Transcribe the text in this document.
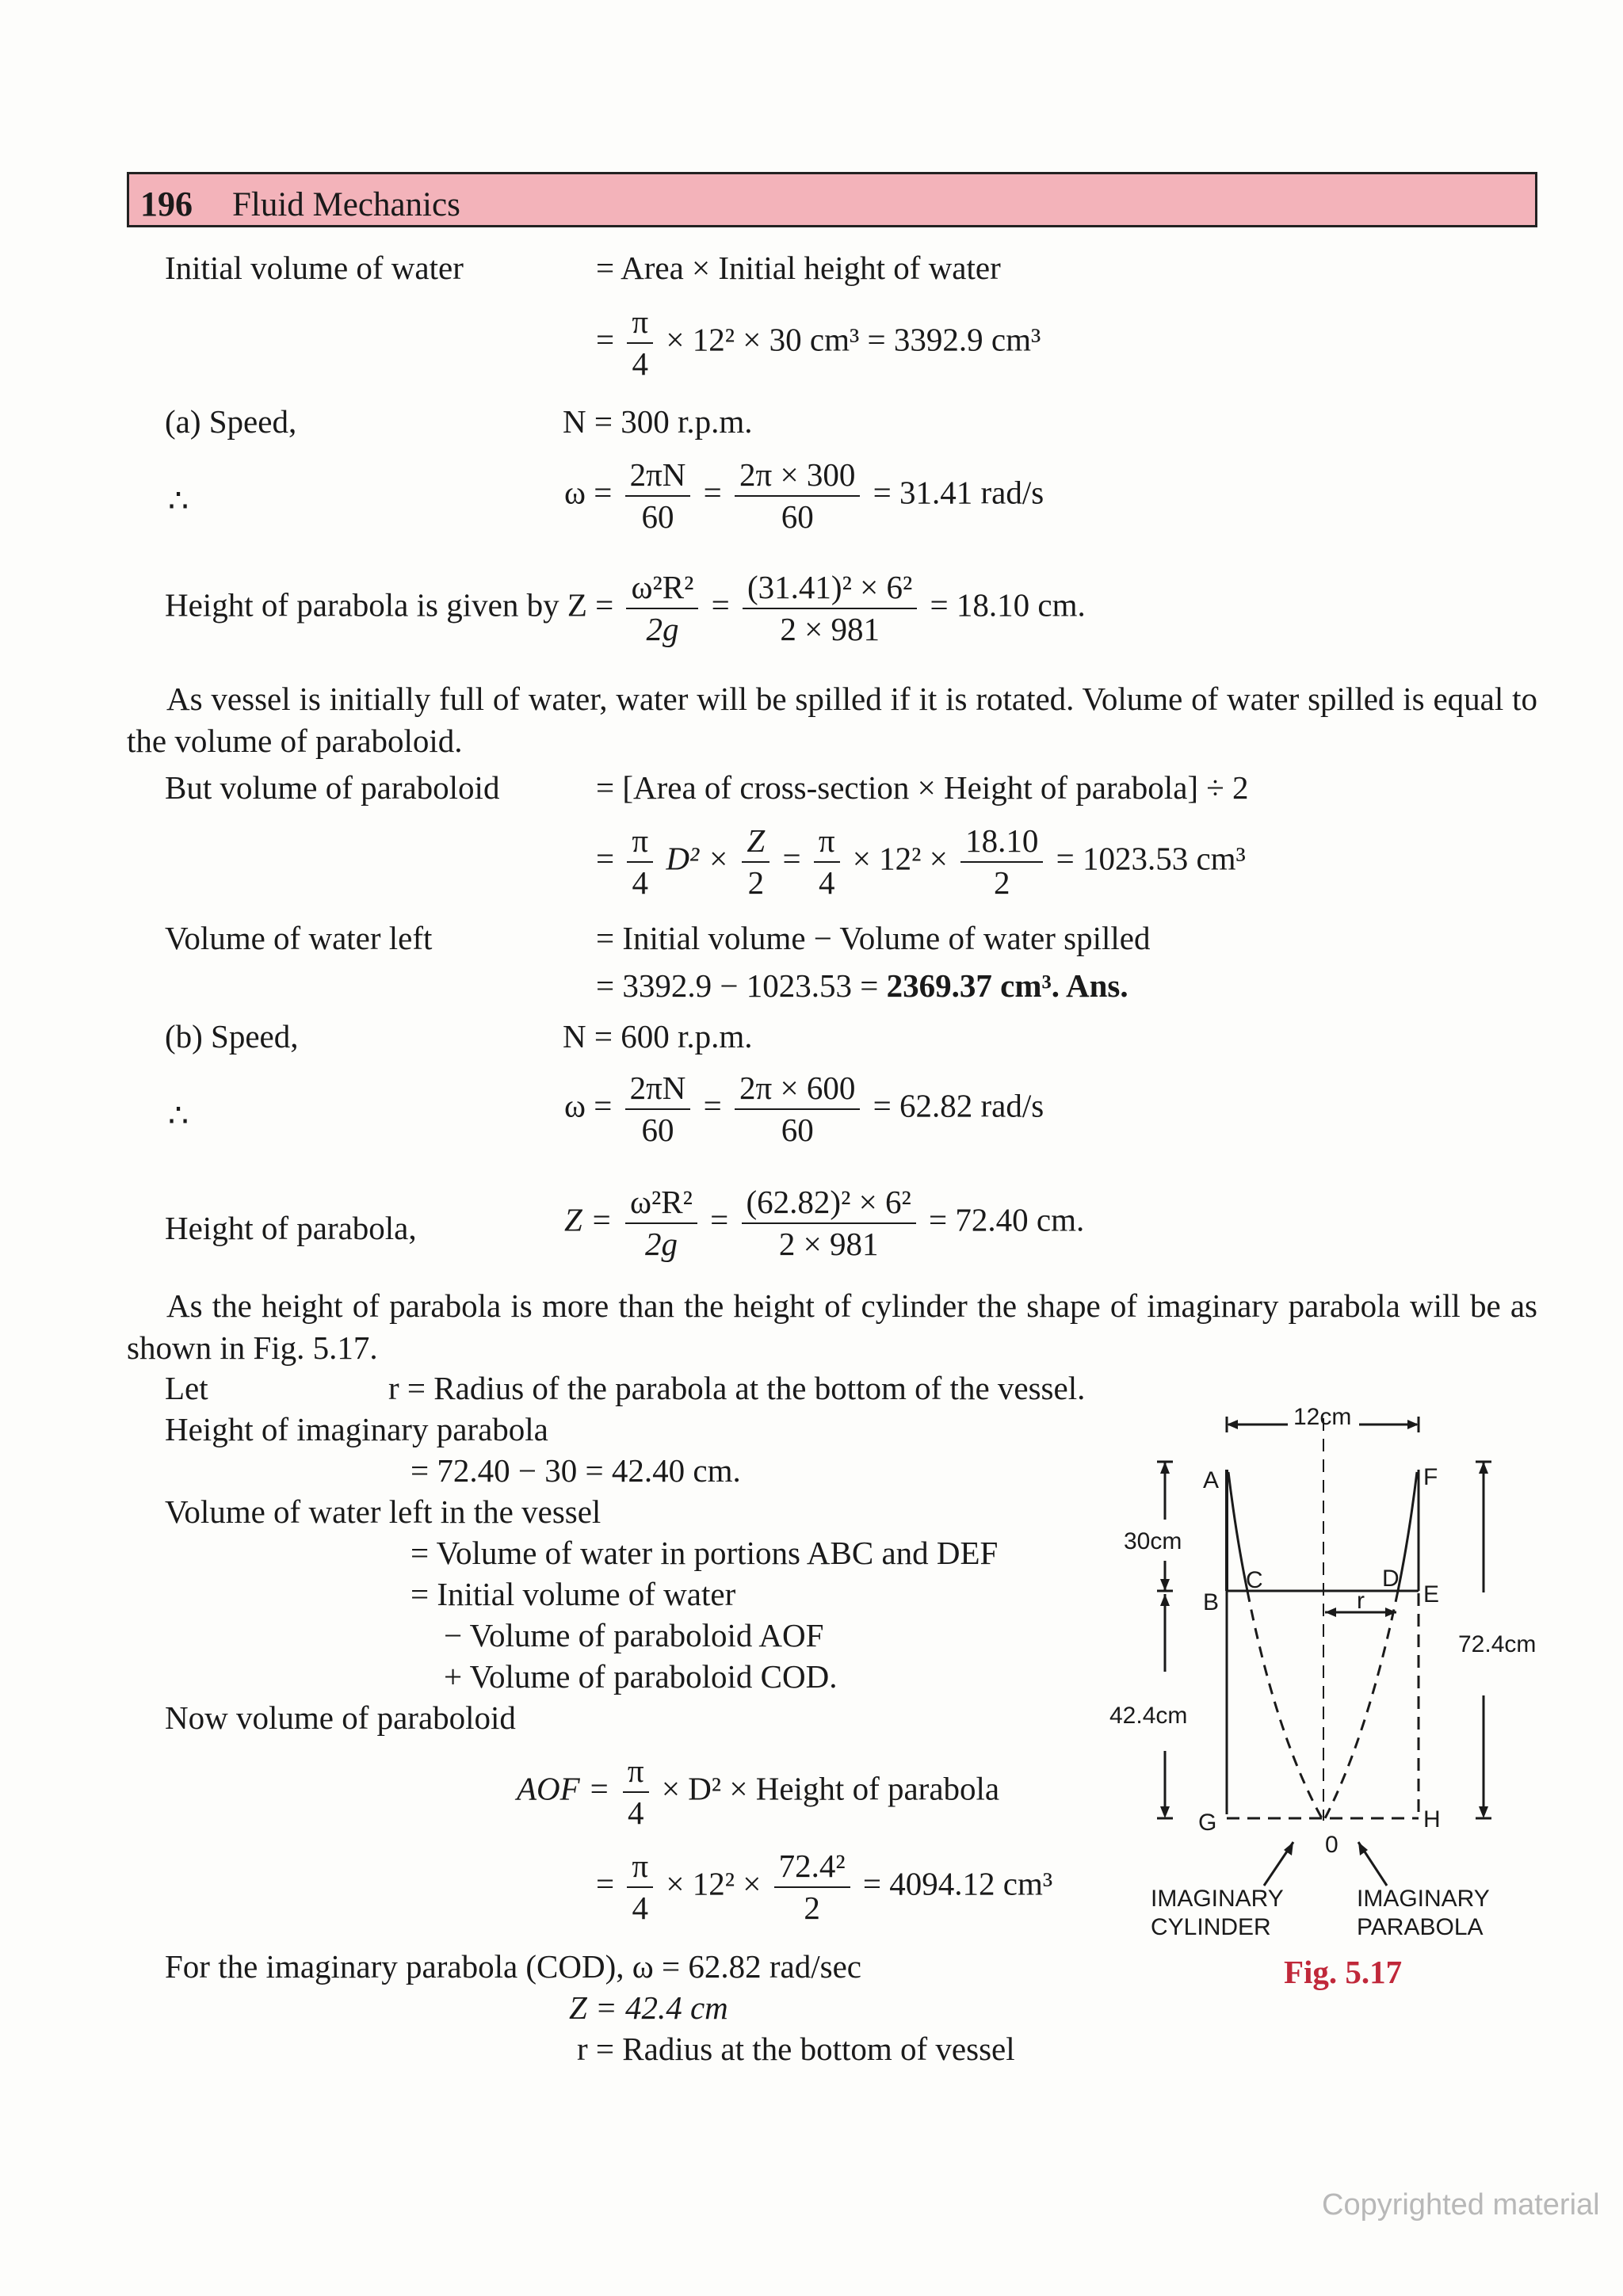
196 Fluid Mechanics
Initial volume of water	= Area × Initial height of water
= $\frac{\pi}{4} \times 12^2 \times 30$ cm³ = 3392.9 cm³
(a) Speed,	N = 300 r.p.m.
∴	$\omega = \frac{2\pi N}{60} = \frac{2\pi \times 300}{60} = 31.41$ rad/s
Height of parabola is given by $Z = \frac{\text{ω²R²}}{2g} = \frac{\text{(31.41)² × 6²}}{2 \times 981} = 18.10$ cm.
As vessel is initially full of water, water will be spilled if it is rotated. Volume of water spilled is equal to the volume of paraboloid.
But volume of paraboloid	= [Area of cross-section × Height of parabola] ÷ 2
= $\frac{\pi}{4} D^2 \times \frac{Z}{2} = \frac{\pi}{4} \times 12^2 \times \frac{18.10}{2} = 1023.53$ cm³
Volume of water left	= Initial volume − Volume of water spilled
= 3392.9 − 1023.53 = 2369.37 cm³. Ans.
(b) Speed,	N = 600 r.p.m.
∴	$\omega = \frac{2\pi N}{60} = \frac{2\pi \times 600}{60} = 62.82$ rad/s
Height of parabola,	$Z = \frac{\text{ω²R²}}{2g} = \frac{\text{(62.82)² × 6²}}{2 \times 981} = 72.40$ cm.
As the height of parabola is more than the height of cylinder the shape of imaginary parabola will be as shown in Fig. 5.17.
Let	r = Radius of the parabola at the bottom of the vessel.
Height of imaginary parabola
= 72.40 − 30 = 42.40 cm.
Volume of water left in the vessel
= Volume of water in portions ABC and DEF
= Initial volume of water
− Volume of paraboloid AOF
+ Volume of paraboloid COD.
Now volume of paraboloid
AOF = $\frac{\pi}{4} \times D^2$ × Height of parabola
= $\frac{\pi}{4} \times 12^2 \times \frac{\text{72.4²}}{2} = 4094.12$ cm³
For the imaginary parabola (COD), ω = 62.82 rad/sec
Z = 42.4 cm
r = Radius at the bottom of vessel
12cm
30cm
42.4cm
72.4cm
A
B
C	D
E
F
G	H
0
r
IMAGINARY
CYLINDER
IMAGINARY
PARABOLA
Fig. 5.17
Copyrighted material
